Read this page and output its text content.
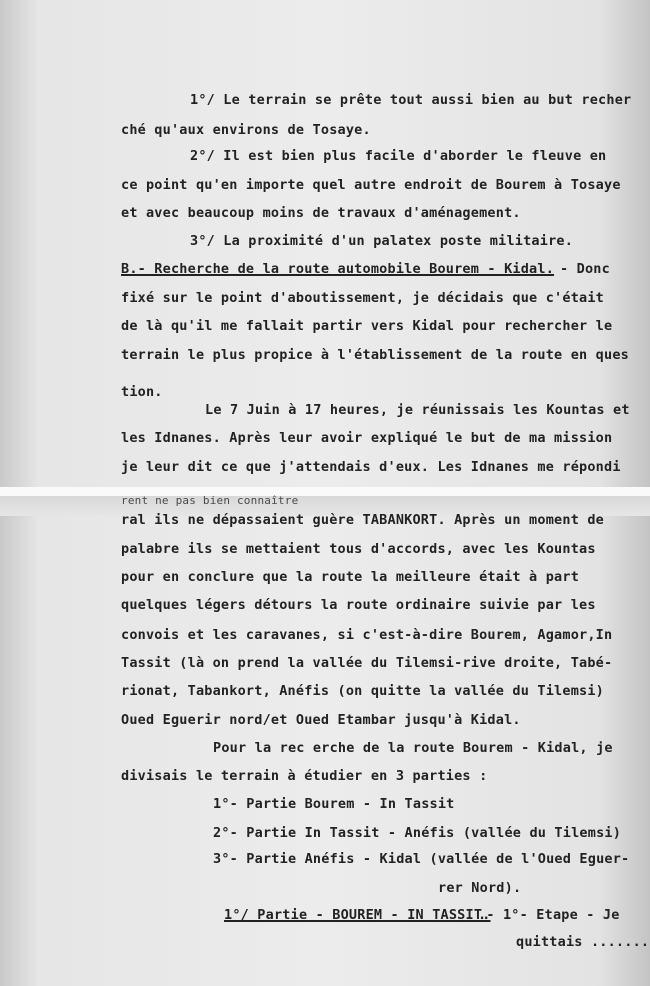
1°/ Le terrain se prête tout aussi bien au but recher
ché qu'aux environs de Tosaye.
2°/ Il est bien plus facile d'aborder le fleuve en
ce point qu'en importe quel autre endroit de Bourem à Tosaye
et avec beaucoup moins de travaux d'aménagement.
3°/ La proximité d'un palatex poste militaire.
B.- Recherche de la route automobile Bourem - Kidal. - Donc
fixé sur le point d'aboutissement, je décidais que c'était
de là qu'il me fallait partir vers Kidal pour rechercher le
terrain le plus propice à l'établissement de la route en ques
tion.
Le 7 Juin à 17 heures, je réunissais les Kountas et
les Idnanes. Après leur avoir expliqué le but de ma mission
je leur dit ce que j'attendais d'eux. Les Idnanes me répondi
rent ne pas bien connaître
ral ils ne dépassaient guère TABANKORT. Après un moment de
palabre ils se mettaient tous d'accords, avec les Kountas
pour en conclure que la route la meilleure était à part
quelques légers détours la route ordinaire suivie par les
convois et les caravanes, si c'est-à-dire Bourem, Agamor,In
Tassit (là on prend la vallée du Tilemsi-rive droite, Tabé-
rionat, Tabankort, Anéfis (on quitte la vallée du Tilemsi)
Oued Eguerir nord/et Oued Etambar jusqu'à Kidal.
Pour la rec erche de la route Bourem - Kidal, je
divisais le terrain à étudier en 3 parties :
1°- Partie Bourem - In Tassit
2°- Partie In Tassit - Anéfis (vallée du Tilemsi)
3°- Partie Anéfis - Kidal (vallée de l'Oued Eguer-
rer Nord).
1°/ Partie - BOUREM - IN TASSIT.
.- 1°- Etape - Je
quittais .......
